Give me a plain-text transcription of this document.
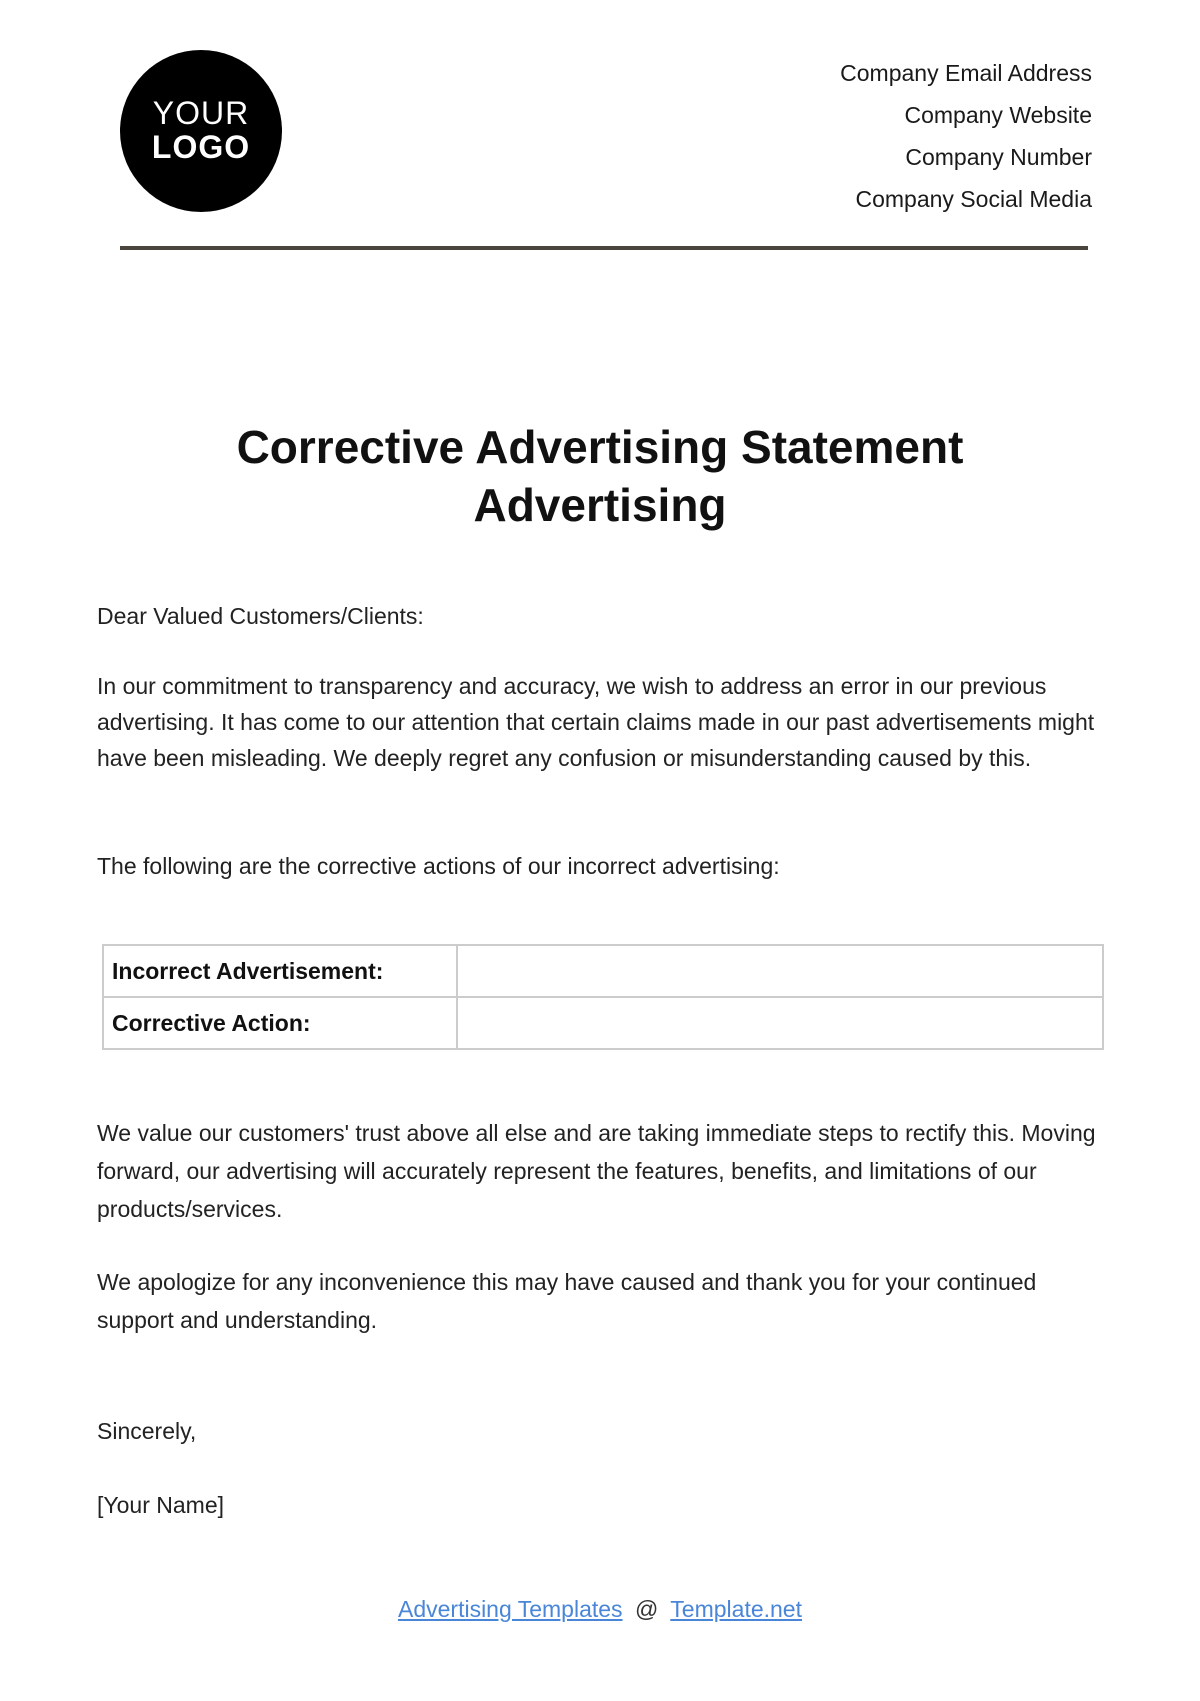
YOUR
LOGO
Company Email Address
Company Website
Company Number
Company Social Media
Corrective Advertising Statement
Advertising
Dear Valued Customers/Clients:
In our commitment to transparency and accuracy, we wish to address an error in our previous advertising. It has come to our attention that certain claims made in our past advertisements might have been misleading. We deeply regret any confusion or misunderstanding caused by this.
The following are the corrective actions of our incorrect advertising:
Incorrect Advertisement:	
Corrective Action:	
We value our customers' trust above all else and are taking immediate steps to rectify this. Moving forward, our advertising will accurately represent the features, benefits, and limitations of our products/services.
We apologize for any inconvenience this may have caused and thank you for your continued support and understanding.
Sincerely,
[Your Name]
Advertising Templates @ Template.net
